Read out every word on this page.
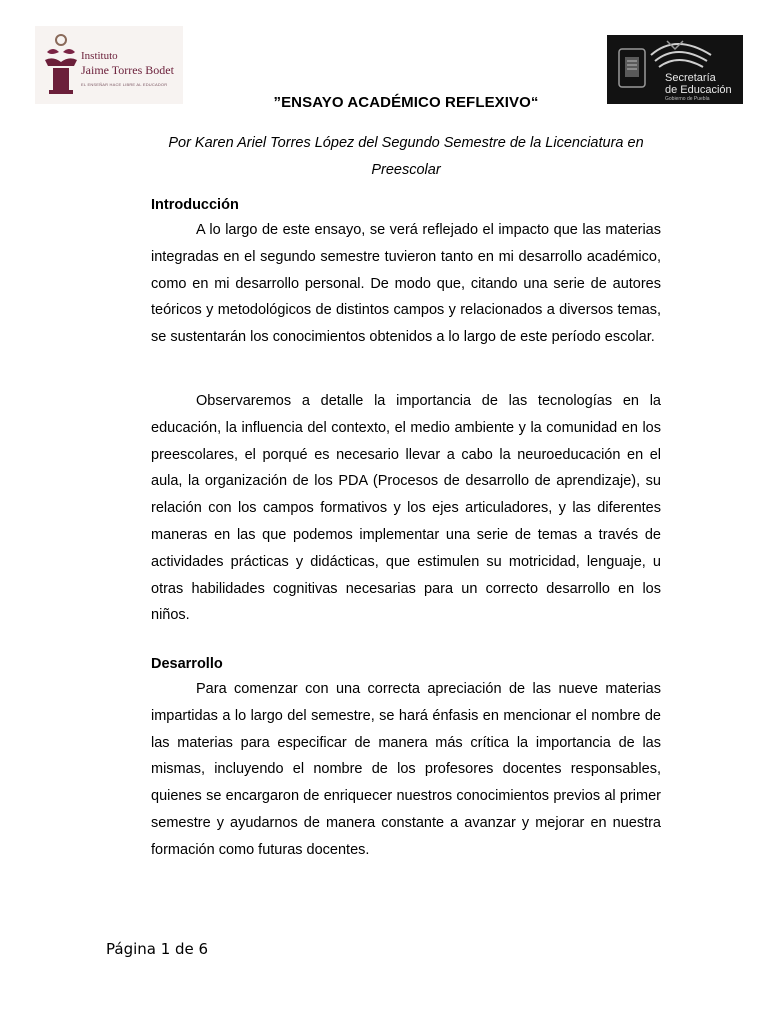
Instituto
Jaime Torres Bodet
EL ENSEÑAR HACE LIBRE AL EDUCADOR
Secretaría
de Educación
Gobierno de Puebla
”ENSAYO ACADÉMICO REFLEXIVO“
Por Karen Ariel Torres López del Segundo Semestre de la Licenciatura en Preescolar
Introducción

A lo largo de este ensayo, se verá reflejado el impacto que las materias integradas en el segundo semestre tuvieron tanto en mi desarrollo académico, como en mi desarrollo personal. De modo que, citando una serie de autores teóricos y metodológicos de distintos campos y relacionados a diversos temas, se sustentarán los conocimientos obtenidos a lo largo de este período escolar.

Observaremos a detalle la importancia de las tecnologías en la educación, la influencia del contexto, el medio ambiente y la comunidad en los preescolares, el porqué es necesario llevar a cabo la neuroeducación en el aula, la organización de los PDA (Procesos de desarrollo de aprendizaje), su relación con los campos formativos y los ejes articuladores, y las diferentes maneras en las que podemos implementar una serie de temas a través de actividades prácticas y didácticas, que estimulen su motricidad, lenguaje, u otras habilidades cognitivas necesarias para un correcto desarrollo en los niños.

Desarrollo

Para comenzar con una correcta apreciación de las nueve materias impartidas a lo largo del semestre, se hará énfasis en mencionar el nombre de las materias para especificar de manera más crítica la importancia de las mismas, incluyendo el nombre de los profesores docentes responsables, quienes se encargaron de enriquecer nuestros conocimientos previos al primer semestre y ayudarnos de manera constante a avanzar y mejorar en nuestra formación como futuras docentes.

Página 1 de 6
